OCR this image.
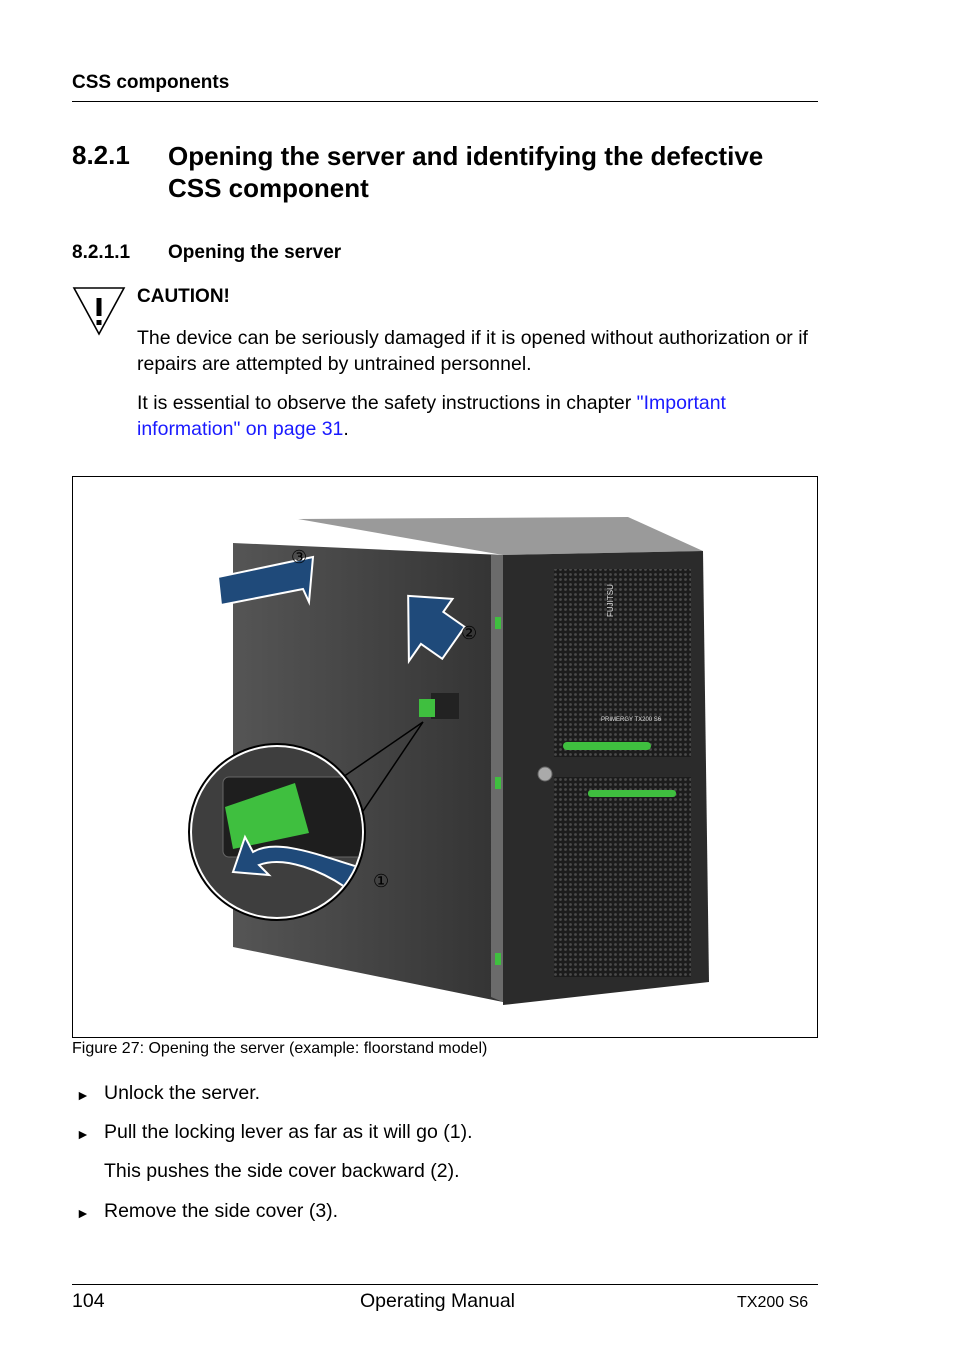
CSS components
8.2.1 Opening the server and identifying the defective CSS component
8.2.1.1 Opening the server
CAUTION!
The device can be seriously damaged if it is opened without authorization or if repairs are attempted by untrained personnel.
It is essential to observe the safety instructions in chapter "Important information" on page 31.
FUJITSU
PRIMERGY TX200 S6
①
②
③
Figure 27: Opening the server (example: floorstand model)
► Unlock the server.
► Pull the locking lever as far as it will go (1).
This pushes the side cover backward (2).
► Remove the side cover (3).
104	Operating Manual	TX200 S6
